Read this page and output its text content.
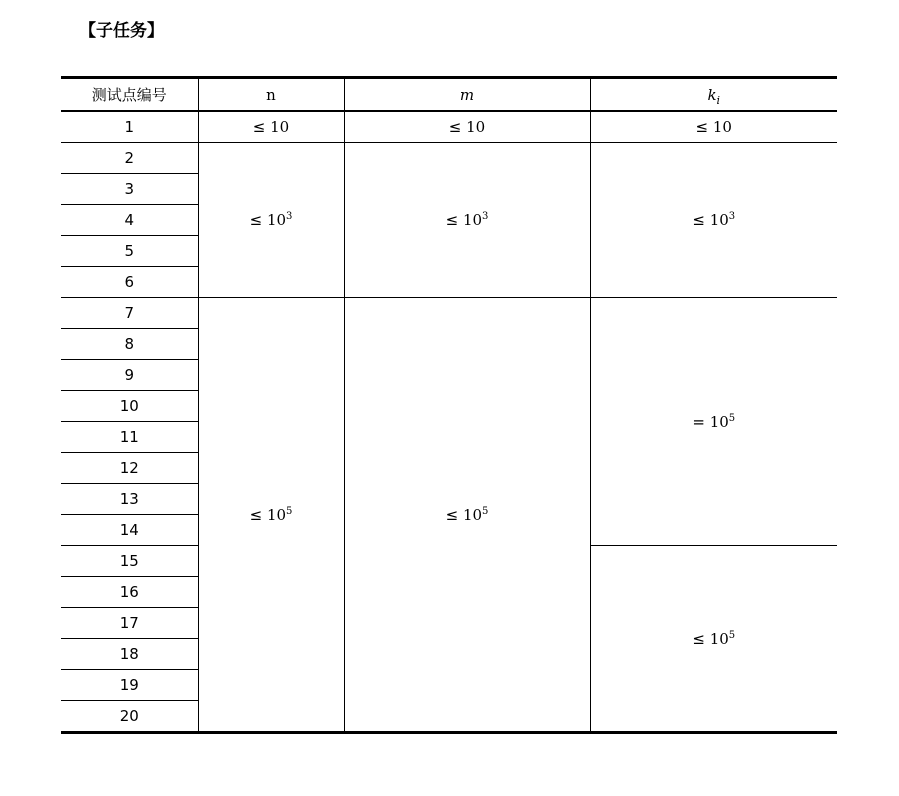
【子任务】
测试点编号	n	m	$k_i$
1	≤ 10	≤ 10	≤ 10
2	≤ $10^3$	≤ $10^3$	≤ $10^3$
3			
4			
5			
6			
7	≤ $10^5$	≤ $10^5$	= $10^5$
8			
9			
10			
11			
12			
13			
14			
15			≤ $10^5$
16			
17			
18			
19			
20			
